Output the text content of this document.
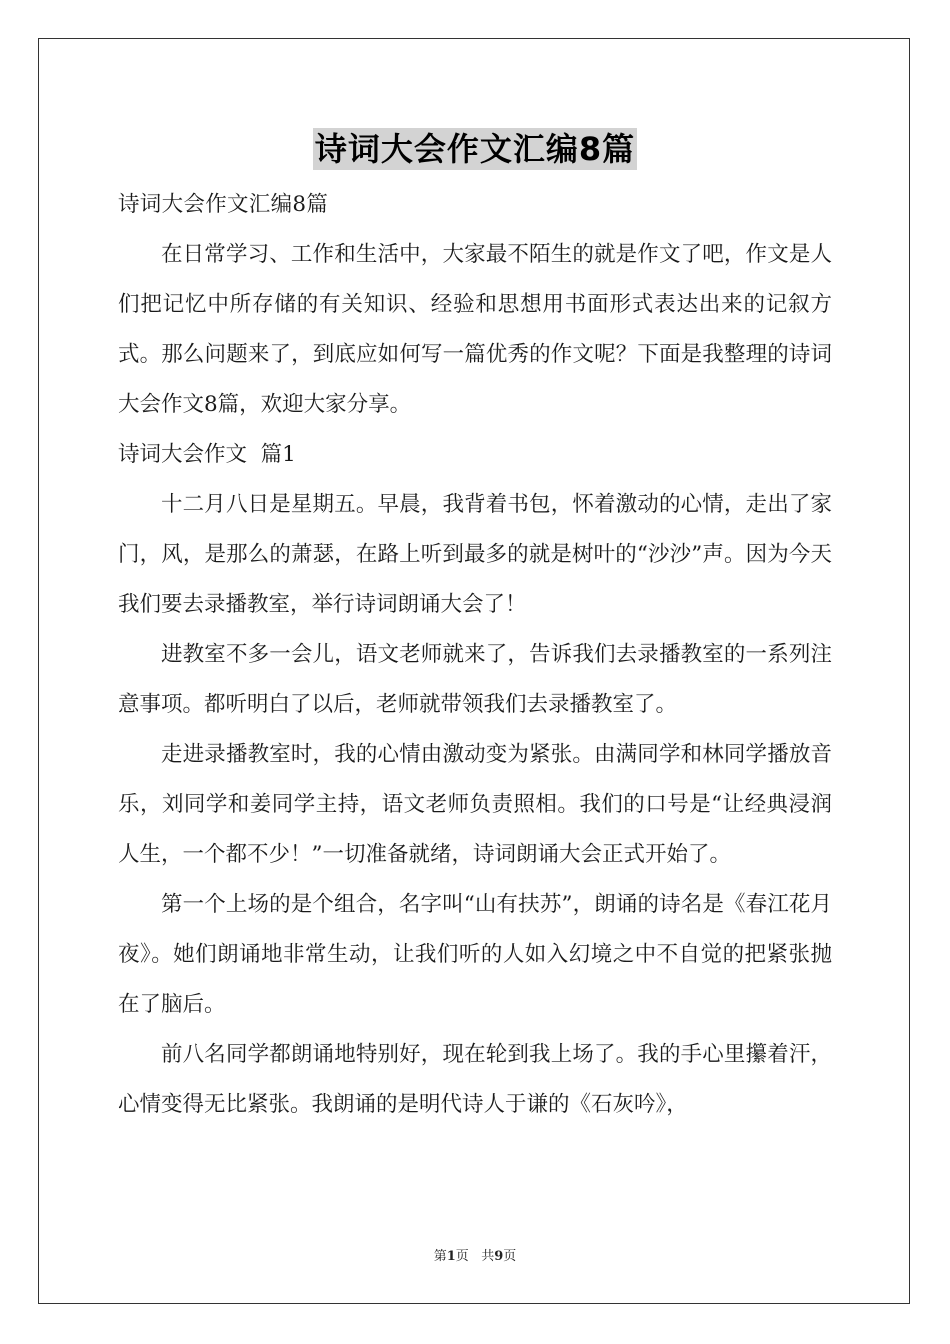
诗词大会作文汇编8篇
诗词大会作文汇编8篇

在日常学习、工作和生活中，大家最不陌生的就是作文了吧，作文是人们把记忆中所存储的有关知识、经验和思想用书面形式表达出来的记叙方式。那么问题来了，到底应如何写一篇优秀的作文呢？下面是我整理的诗词大会作文8篇，欢迎大家分享。

诗词大会作文  篇1

十二月八日是星期五。早晨，我背着书包，怀着激动的心情，走出了家门，风，是那么的萧瑟，在路上听到最多的就是树叶的“沙沙”声。因为今天我们要去录播教室，举行诗词朗诵大会了！

进教室不多一会儿，语文老师就来了，告诉我们去录播教室的一系列注意事项。都听明白了以后，老师就带领我们去录播教室了。

走进录播教室时，我的心情由激动变为紧张。由满同学和林同学播放音乐，刘同学和姜同学主持，语文老师负责照相。我们的口号是“让经典浸润人生，一个都不少！”一切准备就绪，诗词朗诵大会正式开始了。

第一个上场的是个组合，名字叫“山有扶苏”，朗诵的诗名是《春江花月夜》。她们朗诵地非常生动，让我们听的人如入幻境之中不自觉的把紧张抛在了脑后。

前八名同学都朗诵地特别好，现在轮到我上场了。我的手心里攥着汗，心情变得无比紧张。我朗诵的是明代诗人于谦的《石灰吟》，

第1页   共9页
